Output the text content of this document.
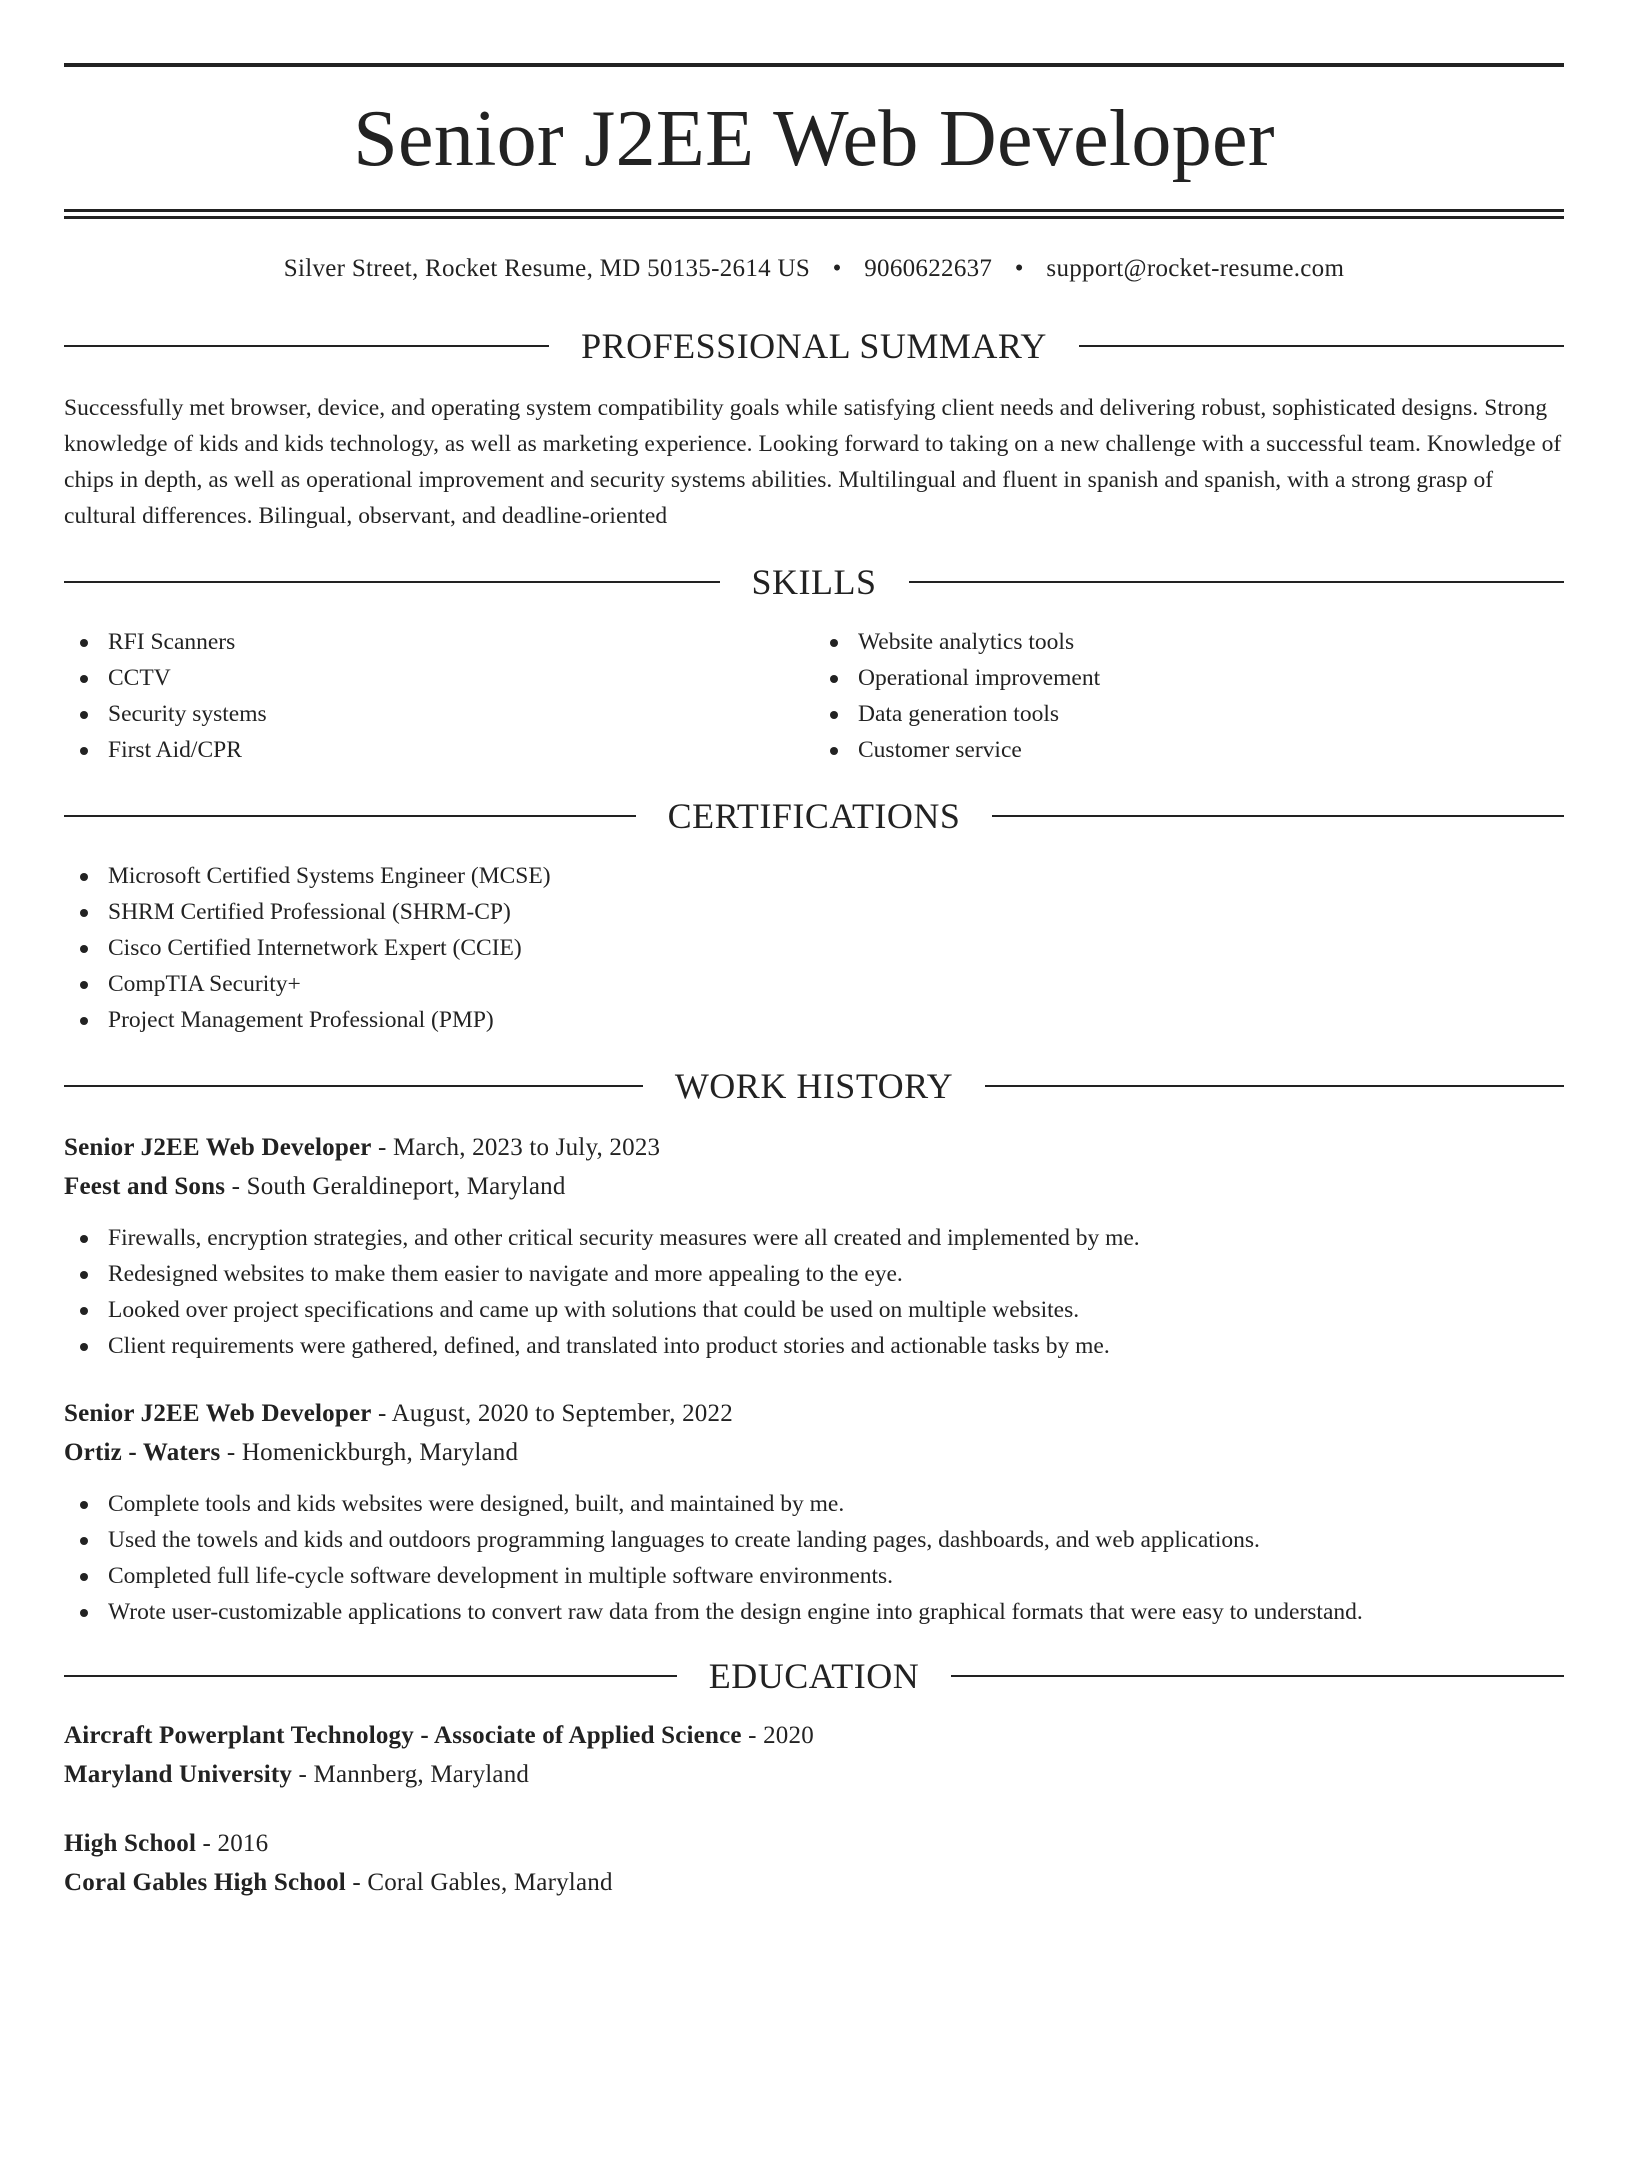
Senior J2EE Web Developer
Silver Street, Rocket Resume, MD 50135-2614 US • 9060622637 • support@rocket-resume.com
PROFESSIONAL SUMMARY
Successfully met browser, device, and operating system compatibility goals while satisfying client needs and delivering robust, sophisticated designs. Strong knowledge of kids and kids technology, as well as marketing experience. Looking forward to taking on a new challenge with a successful team. Knowledge of chips in depth, as well as operational improvement and security systems abilities. Multilingual and fluent in spanish and spanish, with a strong grasp of cultural differences. Bilingual, observant, and deadline-oriented
SKILLS
RFI Scanners
CCTV
Security systems
First Aid/CPR
Website analytics tools
Operational improvement
Data generation tools
Customer service
CERTIFICATIONS
Microsoft Certified Systems Engineer (MCSE)
SHRM Certified Professional (SHRM-CP)
Cisco Certified Internetwork Expert (CCIE)
CompTIA Security+
Project Management Professional (PMP)
WORK HISTORY
Senior J2EE Web Developer - March, 2023 to July, 2023
Feest and Sons - South Geraldineport, Maryland
Firewalls, encryption strategies, and other critical security measures were all created and implemented by me.
Redesigned websites to make them easier to navigate and more appealing to the eye.
Looked over project specifications and came up with solutions that could be used on multiple websites.
Client requirements were gathered, defined, and translated into product stories and actionable tasks by me.
Senior J2EE Web Developer - August, 2020 to September, 2022
Ortiz - Waters - Homenickburgh, Maryland
Complete tools and kids websites were designed, built, and maintained by me.
Used the towels and kids and outdoors programming languages to create landing pages, dashboards, and web applications.
Completed full life-cycle software development in multiple software environments.
Wrote user-customizable applications to convert raw data from the design engine into graphical formats that were easy to understand.
EDUCATION
Aircraft Powerplant Technology - Associate of Applied Science - 2020
Maryland University - Mannberg, Maryland
High School - 2016
Coral Gables High School - Coral Gables, Maryland
